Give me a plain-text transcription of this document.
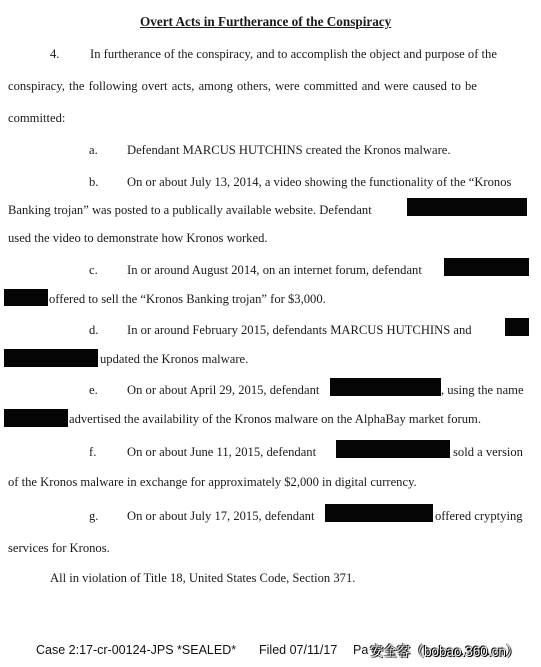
Overt Acts in Furtherance of the Conspiracy
4. In furtherance of the conspiracy, and to accomplish the object and purpose of the
conspiracy, the following overt acts, among others, were committed and were caused to be
committed:
a. Defendant MARCUS HUTCHINS created the Kronos malware.
b. On or about July 13, 2014, a video showing the functionality of the “Kronos
Banking trojan” was posted to a publically available website. Defendant
used the video to demonstrate how Kronos worked.
c. In or around August 2014, on an internet forum, defendant
offered to sell the “Kronos Banking trojan” for $3,000.
d. In or around February 2015, defendants MARCUS HUTCHINS and
updated the Kronos malware.
e. On or about April 29, 2015, defendant	, using the name
advertised the availability of the Kronos malware on the AlphaBay market forum.
f. On or about June 11, 2015, defendant	sold a version
of the Kronos malware in exchange for approximately $2,000 in digital currency.
g. On or about July 17, 2015, defendant	offered cryptying
services for Kronos.
All in violation of Title 18, United States Code, Section 371.
Case 2:17-cr-00124-JPS *SEALED* Filed 07/11/17 Pa 安全客（bobao.360.cn）
